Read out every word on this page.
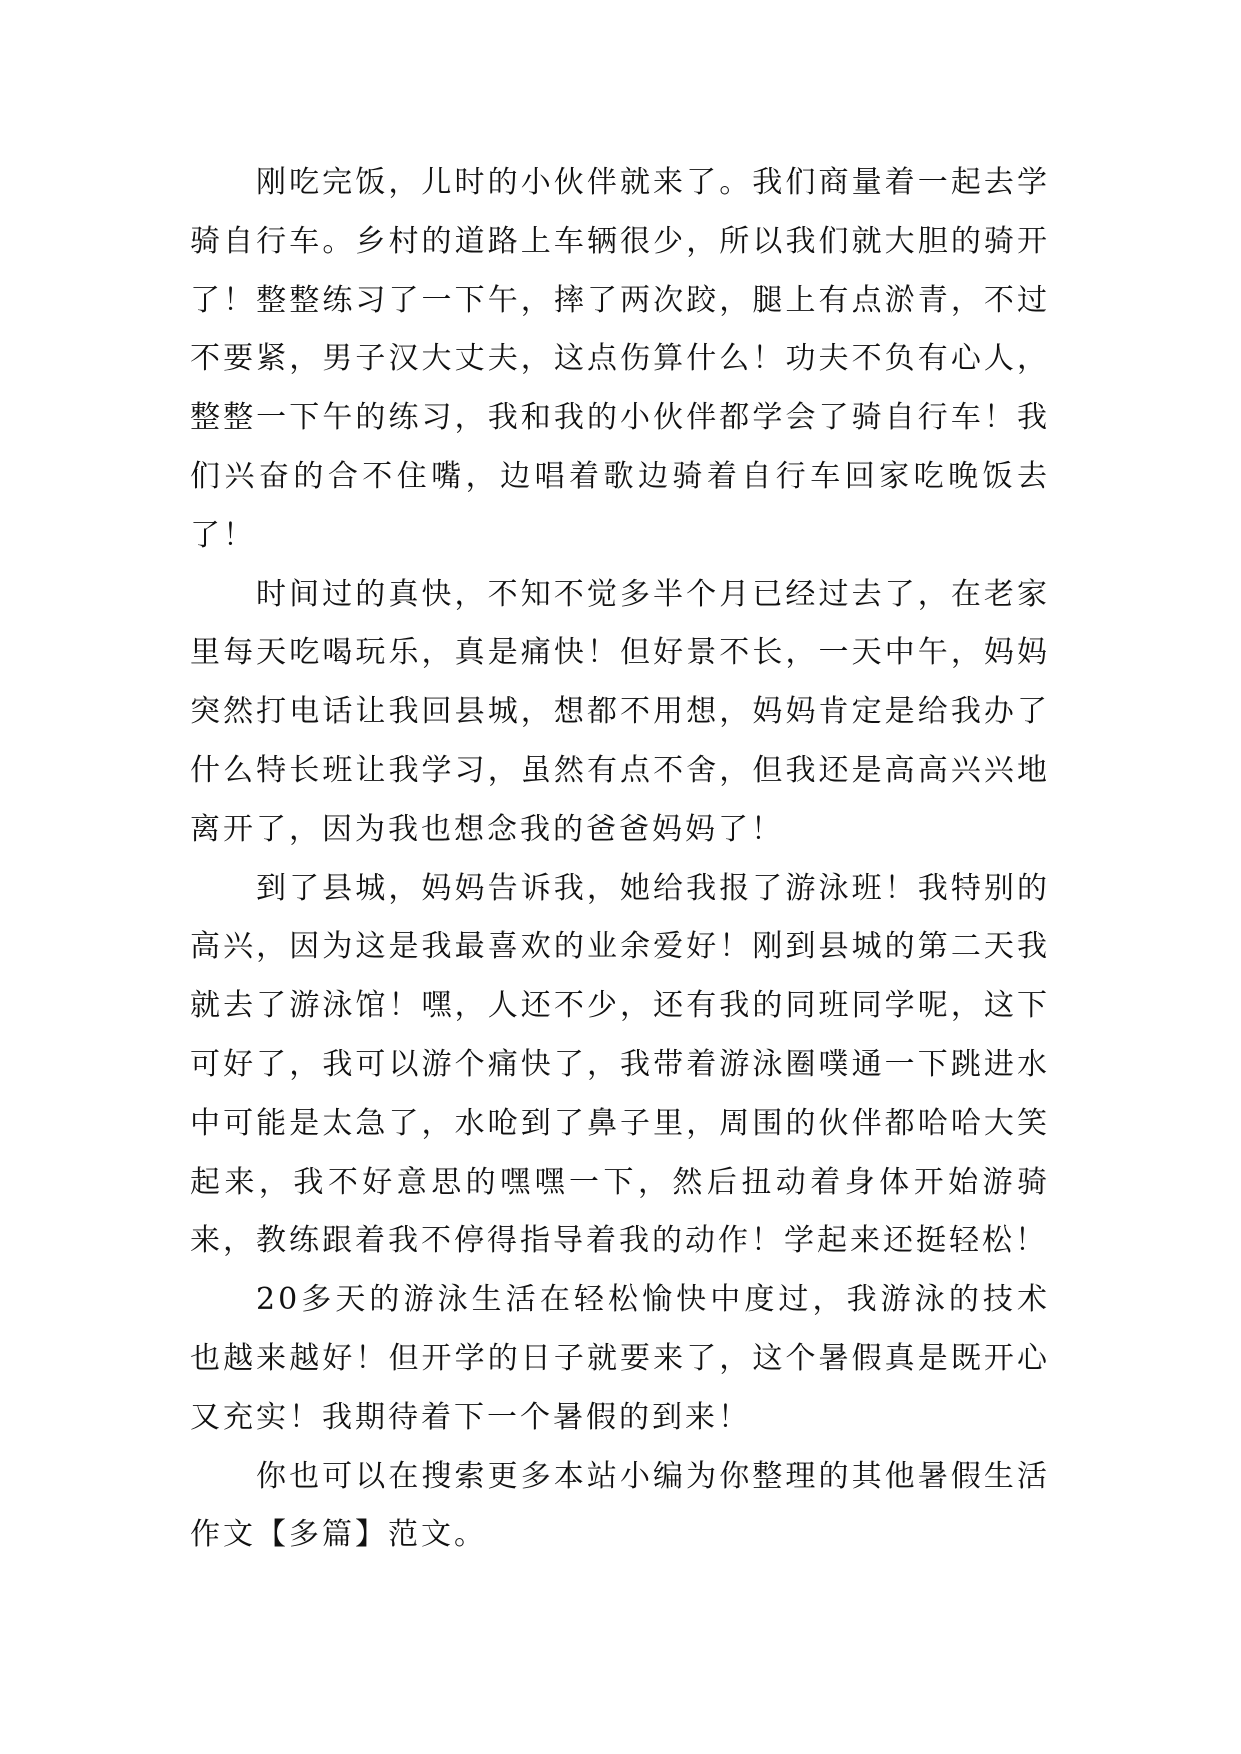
刚吃完饭，儿时的小伙伴就来了。我们商量着一起去学骑自行车。乡村的道路上车辆很少，所以我们就大胆的骑开了！整整练习了一下午，摔了两次跤，腿上有点淤青，不过不要紧，男子汉大丈夫，这点伤算什么！功夫不负有心人，整整一下午的练习，我和我的小伙伴都学会了骑自行车！我们兴奋的合不住嘴，边唱着歌边骑着自行车回家吃晚饭去了！

时间过的真快，不知不觉多半个月已经过去了，在老家里每天吃喝玩乐，真是痛快！但好景不长，一天中午，妈妈突然打电话让我回县城，想都不用想，妈妈肯定是给我办了什么特长班让我学习，虽然有点不舍，但我还是高高兴兴地离开了，因为我也想念我的爸爸妈妈了！

到了县城，妈妈告诉我，她给我报了游泳班！我特别的高兴，因为这是我最喜欢的业余爱好！刚到县城的第二天我就去了游泳馆！嘿，人还不少，还有我的同班同学呢，这下可好了，我可以游个痛快了，我带着游泳圈噗通一下跳进水中可能是太急了，水呛到了鼻子里，周围的伙伴都哈哈大笑起来，我不好意思的嘿嘿一下，然后扭动着身体开始游骑来，教练跟着我不停得指导着我的动作！学起来还挺轻松！

20多天的游泳生活在轻松愉快中度过，我游泳的技术也越来越好！但开学的日子就要来了，这个暑假真是既开心又充实！我期待着下一个暑假的到来！

你也可以在搜索更多本站小编为你整理的其他暑假生活作文【多篇】范文。
